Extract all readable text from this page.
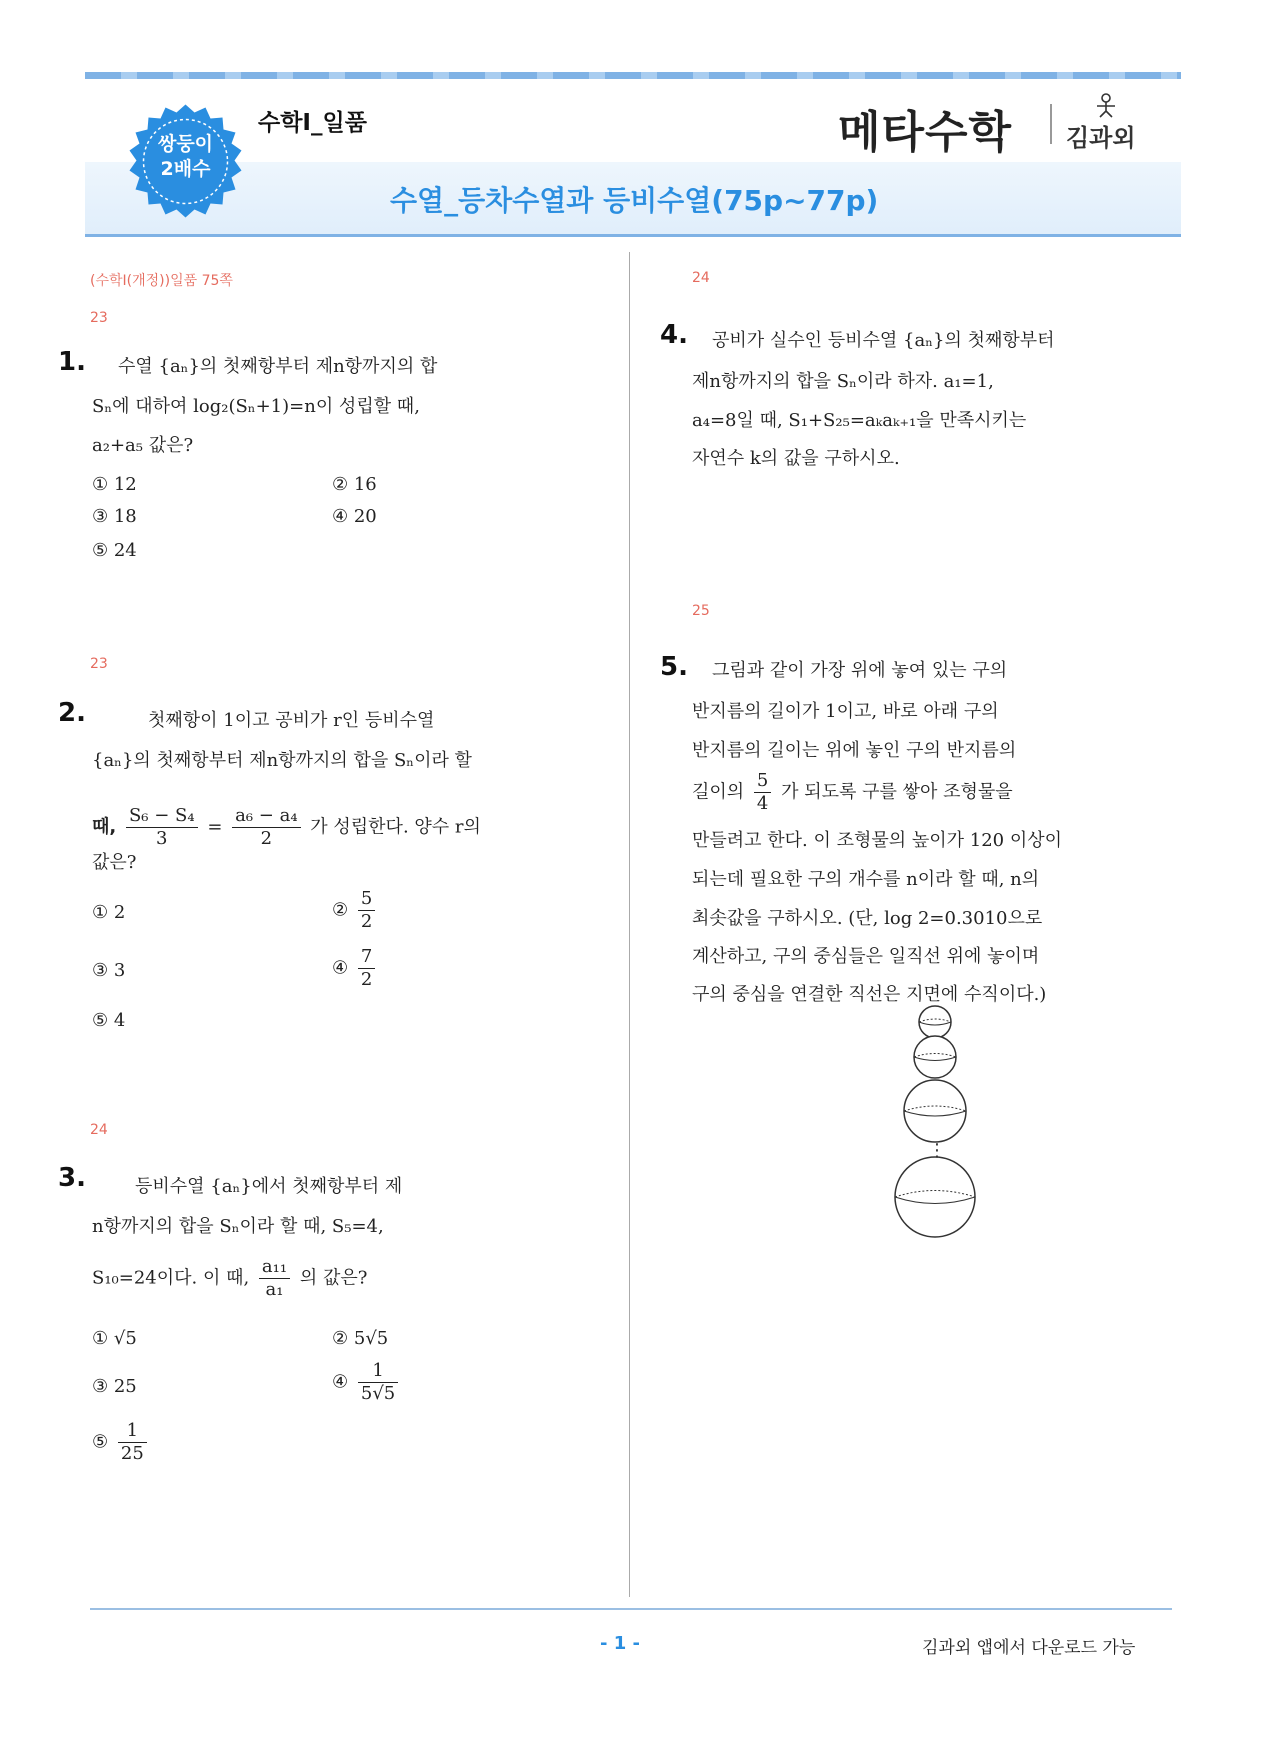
쌍둥이
2배수
수학Ⅰ_일품	메타수학 김과외
수열_등차수열과 등비수열(75p~77p)
(수학I(개정))일품 75쪽
23
1. 수열 {aₙ}의 첫째항부터 제n항까지의 합
Sₙ에 대하여 log₂(Sₙ+1)=n이 성립할 때,
a₂+a₅ 값은?
① 12	② 16
③ 18	④ 20
⑤ 24
23
2.	첫째항이 1이고 공비가 r인 등비수열
{aₙ}의 첫째항부터 제n항까지의 합을 Sₙ이라 할
때, $\frac{\text{S₆ − S₄}}{3} = \frac{\text{a₆ − a₄}}{2}$ 가 성립한다. 양수 r의
값은?
① 2	② $\frac{5}{2}$
③ 3	④ $\frac{7}{2}$
⑤ 4
24
3.	등비수열 {aₙ}에서 첫째항부터 제
n항까지의 합을 Sₙ이라 할 때, S₅=4,
S₁₀=24이다. 이 때, $\frac{\text{a₁₁}}{\text{a₁}}$ 의 값은?
① √5	② 5√5
③ 25	④ $\frac{1}{5√5}$
⑤ $\frac{1}{25}$
24
4. 공비가 실수인 등비수열 {aₙ}의 첫째항부터
제n항까지의 합을 Sₙ이라 하자. a₁=1,
a₄=8일 때, S₁+S₂₅=aₖaₖ₊₁을 만족시키는
자연수 k의 값을 구하시오.
25
5. 그림과 같이 가장 위에 놓여 있는 구의
반지름의 길이가 1이고, 바로 아래 구의
반지름의 길이는 위에 놓인 구의 반지름의
길이의 $\frac{5}{4}$ 가 되도록 구를 쌓아 조형물을
만들려고 한다. 이 조형물의 높이가 120 이상이
되는데 필요한 구의 개수를 n이라 할 때, n의
최솟값을 구하시오. (단, log 2=0.3010으로
계산하고, 구의 중심들은 일직선 위에 놓이며
구의 중심을 연결한 직선은 지면에 수직이다.)
⋮
- 1 -	김과외 앱에서 다운로드 가능
